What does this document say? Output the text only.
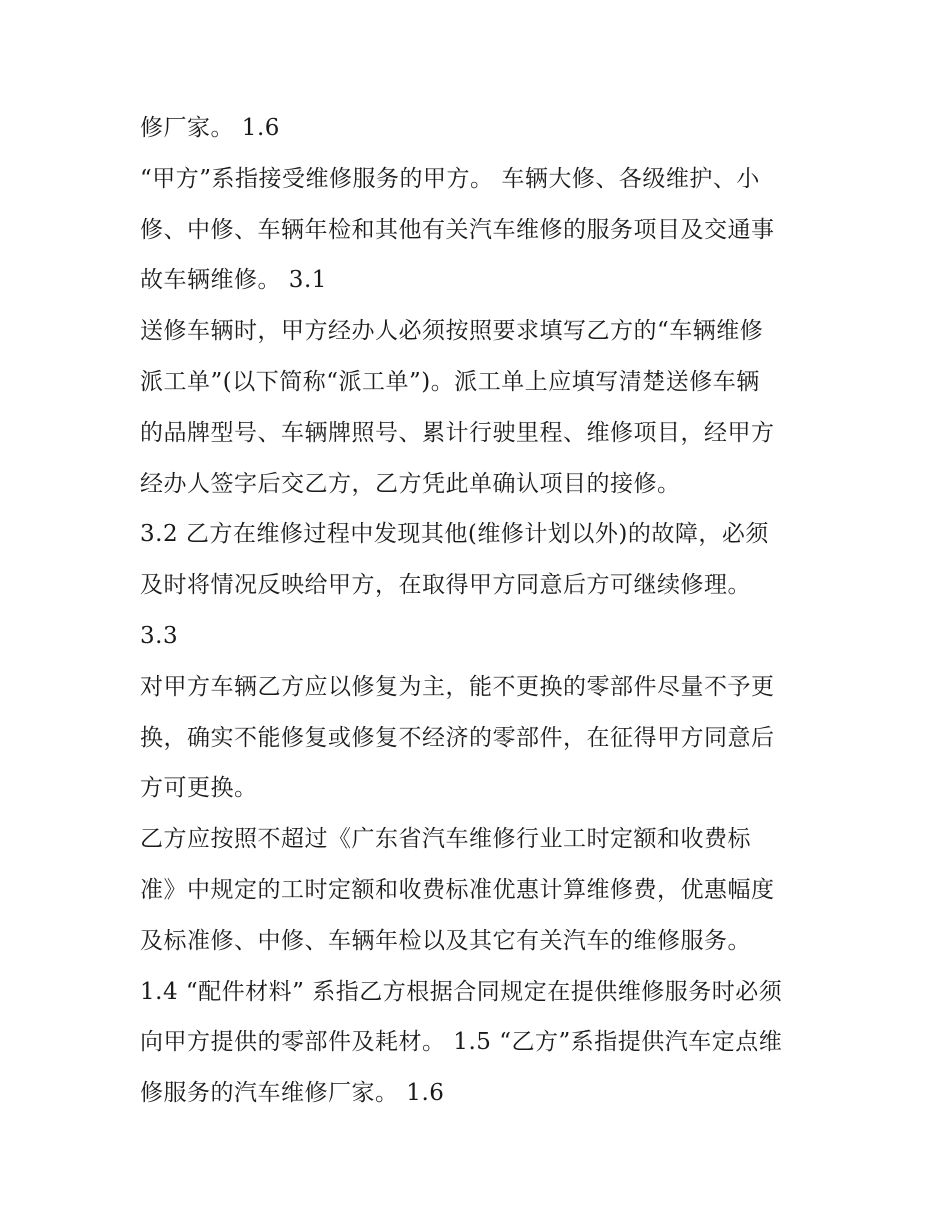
修厂家。 1.6
“甲方”系指接受维修服务的甲方。 车辆大修、各级维护、小
修、中修、车辆年检和其他有关汽车维修的服务项目及交通事
故车辆维修。 3.1
送修车辆时，甲方经办人必须按照要求填写乙方的“车辆维修
派工单”(以下简称“派工单”)。派工单上应填写清楚送修车辆
的品牌型号、车辆牌照号、累计行驶里程、维修项目，经甲方
经办人签字后交乙方，乙方凭此单确认项目的接修。
3.2 乙方在维修过程中发现其他(维修计划以外)的故障，必须
及时将情况反映给甲方，在取得甲方同意后方可继续修理。
3.3
对甲方车辆乙方应以修复为主，能不更换的零部件尽量不予更
换，确实不能修复或修复不经济的零部件，在征得甲方同意后
方可更换。
乙方应按照不超过《广东省汽车维修行业工时定额和收费标
准》中规定的工时定额和收费标准优惠计算维修费，优惠幅度
及标准修、中修、车辆年检以及其它有关汽车的维修服务。
1.4 “配件材料” 系指乙方根据合同规定在提供维修服务时必须
向甲方提供的零部件及耗材。 1.5 “乙方”系指提供汽车定点维
修服务的汽车维修厂家。 1.6
